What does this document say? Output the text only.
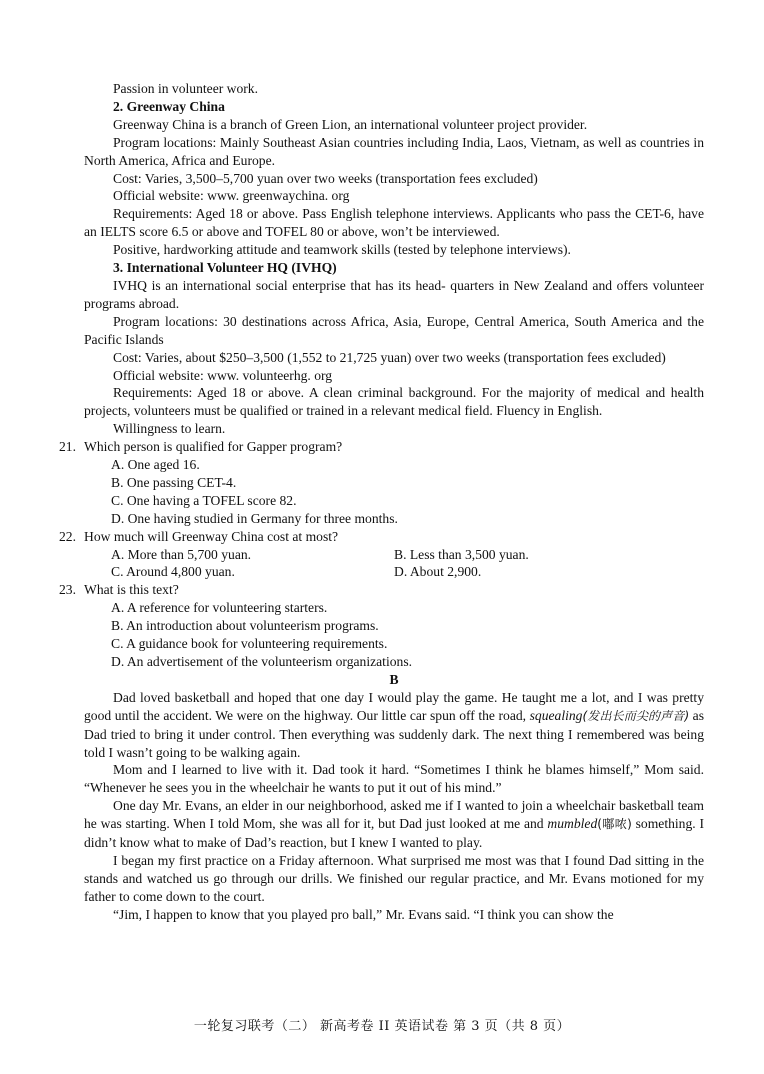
Passion in volunteer work.

2. Greenway China

Greenway China is a branch of Green Lion, an international volunteer project provider.

Program locations: Mainly Southeast Asian countries including India, Laos, Vietnam, as well as countries in North America, Africa and Europe.

Cost: Varies, 3,500–5,700 yuan over two weeks (transportation fees excluded)

Official website: www. greenwaychina. org

Requirements: Aged 18 or above. Pass English telephone interviews. Applicants who pass the CET-6, have an IELTS score 6.5 or above and TOFEL 80 or above, won’t be interviewed.

Positive, hardworking attitude and teamwork skills (tested by telephone interviews).

3. International Volunteer HQ (IVHQ)

IVHQ is an international social enterprise that has its head- quarters in New Zealand and offers volunteer programs abroad.

Program locations: 30 destinations across Africa, Asia, Europe, Central America, South America and the Pacific Islands

Cost: Varies, about $250–3,500 (1,552 to 21,725 yuan) over two weeks (transportation fees excluded)

Official website: www. volunteerhg. org

Requirements: Aged 18 or above. A clean criminal background. For the majority of medical and health projects, volunteers must be qualified or trained in a relevant medical field. Fluency in English.

Willingness to learn.

21. Which person is qualified for Gapper program?

A. One aged 16.

B. One passing CET-4.

C. One having a TOFEL score 82.

D. One having studied in Germany for three months.

22. How much will Greenway China cost at most?

A. More than 5,700 yuan.	B. Less than 3,500 yuan.
C. Around 4,800 yuan.	D. About 2,900.

23. What is this text?

A. A reference for volunteering starters.

B. An introduction about volunteerism programs.

C. A guidance book for volunteering requirements.

D. An advertisement of the volunteerism organizations.

B

Dad loved basketball and hoped that one day I would play the game. He taught me a lot, and I was pretty good until the accident. We were on the highway. Our little car spun off the road, squealing(发出长而尖的声音) as Dad tried to bring it under control. Then everything was suddenly dark. The next thing I remembered was being told I wasn’t going to be walking again.

Mom and I learned to live with it. Dad took it hard. “Sometimes I think he blames himself,” Mom said. “Whenever he sees you in the wheelchair he wants to put it out of his mind.”

One day Mr. Evans, an elder in our neighborhood, asked me if I wanted to join a wheelchair basketball team he was starting. When I told Mom, she was all for it, but Dad just looked at me and mumbled(嘟哝) something. I didn’t know what to make of Dad’s reaction, but I knew I wanted to play.

I began my first practice on a Friday afternoon. What surprised me most was that I found Dad sitting in the stands and watched us go through our drills. We finished our regular practice, and Mr. Evans motioned for my father to come down to the court.

“Jim, I happen to know that you played pro ball,” Mr. Evans said. “I think you can show the

一轮复习联考（二） 新高考卷 II 英语试卷 第 3 页（共 8 页）
